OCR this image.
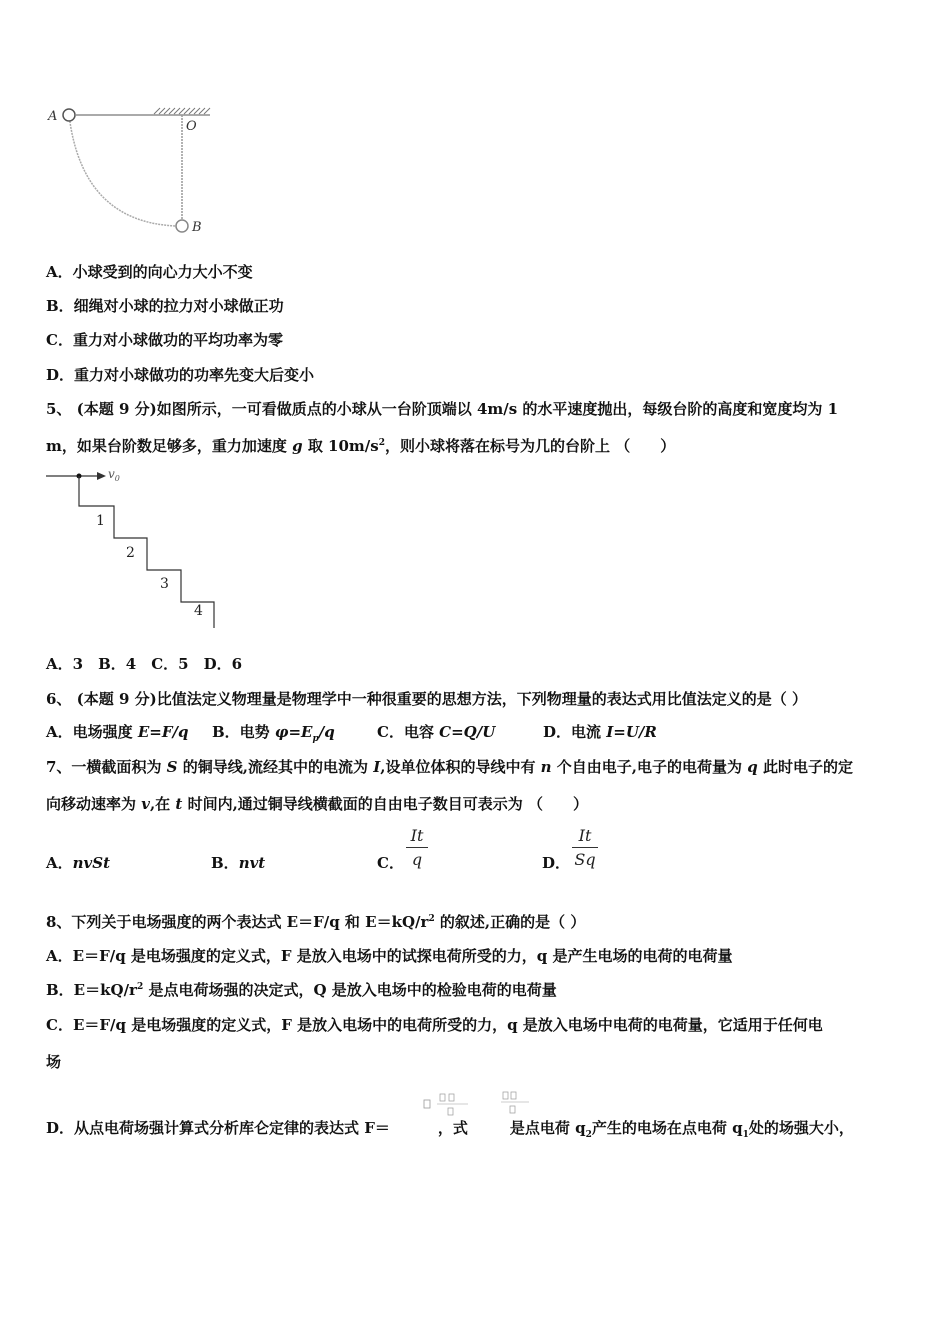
A
O
B
A．小球受到的向心力大小不变
B．细绳对小球的拉力对小球做正功
C．重力对小球做功的平均功率为零
D．重力对小球做功的功率先变大后变小
5、 (本题 9 分)如图所示，一可看做质点的小球从一台阶顶端以 4m/s 的水平速度抛出，每级台阶的高度和宽度均为 1
m，如果台阶数足够多，重力加速度 g 取 $10m/s^2$，则小球将落在标号为几的台阶上 （　　）
$v_0$
1
2
3
4
A．3　B．4　C．5　D．6
6、 (本题 9 分)比值法定义物理量是物理学中一种很重要的思想方法，下列物理量的表达式用比值法定义的是（ ）
A．电场强度 E=F/q B．电势 $\varphi=E_p/q$	C．电容 C=Q/U	D．电流 I=U/R
7、一横截面积为 S 的铜导线,流经其中的电流为 I,设单位体积的导线中有 n 个自由电子,电子的电荷量为 q 此时电子的定
向移动速率为 v,在 t 时间内,通过铜导线横截面的自由电子数目可表示为 （　　）
A．nvSt	B．nvt	C．
It
q	D．
It
Sq
8、下列关于电场强度的两个表达式 E＝F/q 和 $E=kQ/r^2$ 的叙述,正确的是（ ）
A．E＝F/q 是电场强度的定义式，F 是放入电场中的试探电荷所受的力，q 是产生电场的电荷的电荷量
B．$E=kQ/r^2$ 是点电荷场强的决定式，Q 是放入电场中的检验电荷的电荷量
C．E＝F/q 是电场强度的定义式，F 是放入电场中的电荷所受的力，q 是放入电场中电荷的电荷量，它适用于任何电
场
D．从点电荷场强计算式分析库仑定律的表达式 F＝	，式	是点电荷 $q_2$产生的电场在点电荷 $q_1$处的场强大小，
